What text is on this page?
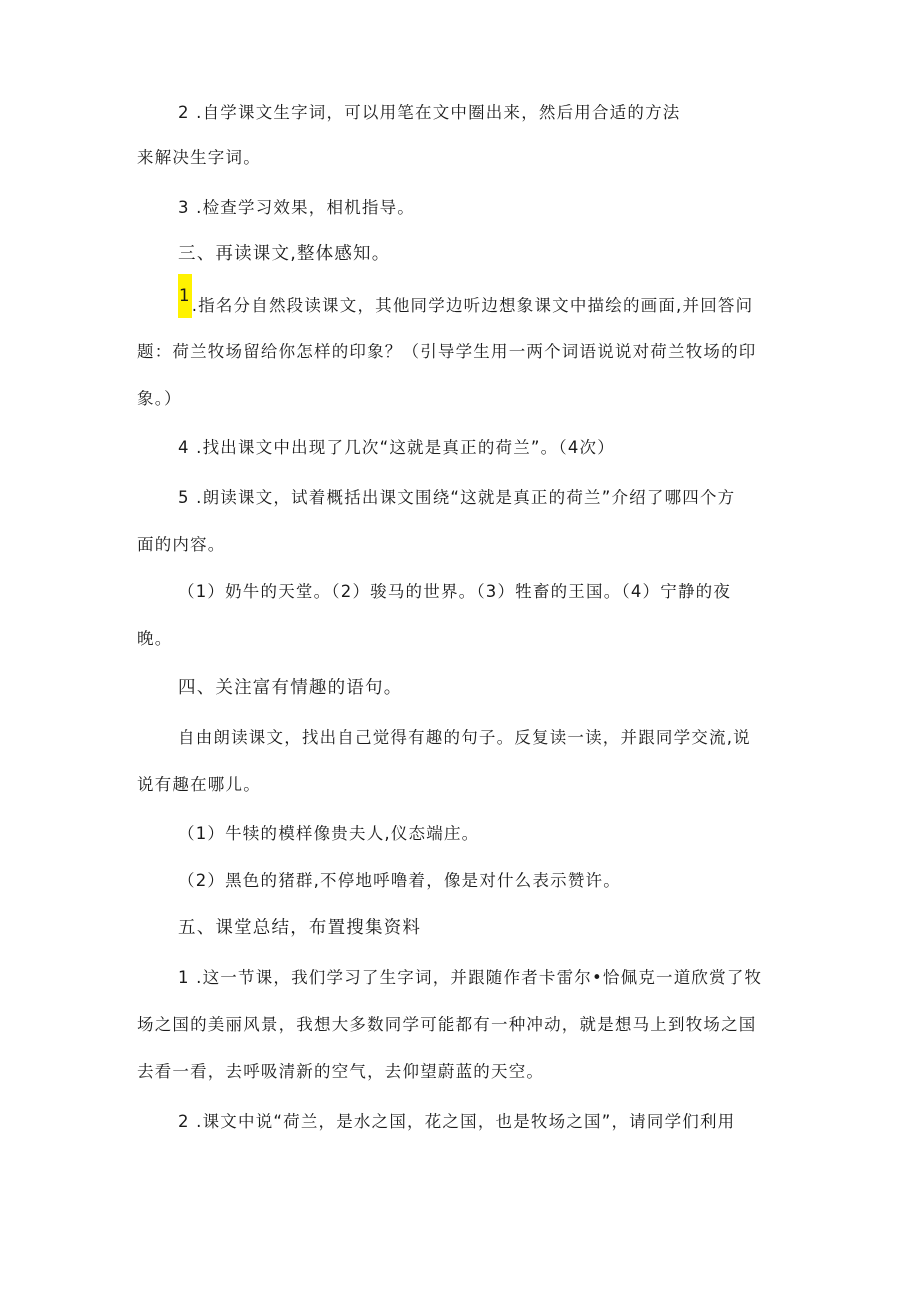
2 .自学课文生字词，可以用笔在文中圈出来，然后用合适的方法
来解决生字词。
3 .检查学习效果，相机指导。
三、再读课文,整体感知。
1.指名分自然段读课文，其他同学边听边想象课文中描绘的画面,并回答问
题：荷兰牧场留给你怎样的印象？（引导学生用一两个词语说说对荷兰牧场的印
象。）
4 .找出课文中出现了几次“这就是真正的荷兰”。（4次）
5 .朗读课文，试着概括出课文围绕“这就是真正的荷兰”介绍了哪四个方
面的内容。
（1）奶牛的天堂。（2）骏马的世界。（3）牲畜的王国。（4）宁静的夜
晚。
四、关注富有情趣的语句。
自由朗读课文，找出自己觉得有趣的句子。反复读一读，并跟同学交流,说
说有趣在哪儿。
（1）牛犊的模样像贵夫人,仪态端庄。
（2）黑色的猪群,不停地呼噜着，像是对什么表示赞许。
五、课堂总结，布置搜集资料
1 .这一节课，我们学习了生字词，并跟随作者卡雷尔•恰佩克一道欣赏了牧
场之国的美丽风景，我想大多数同学可能都有一种冲动，就是想马上到牧场之国
去看一看，去呼吸清新的空气，去仰望蔚蓝的天空。
2 .课文中说“荷兰，是水之国，花之国，也是牧场之国”，请同学们利用
